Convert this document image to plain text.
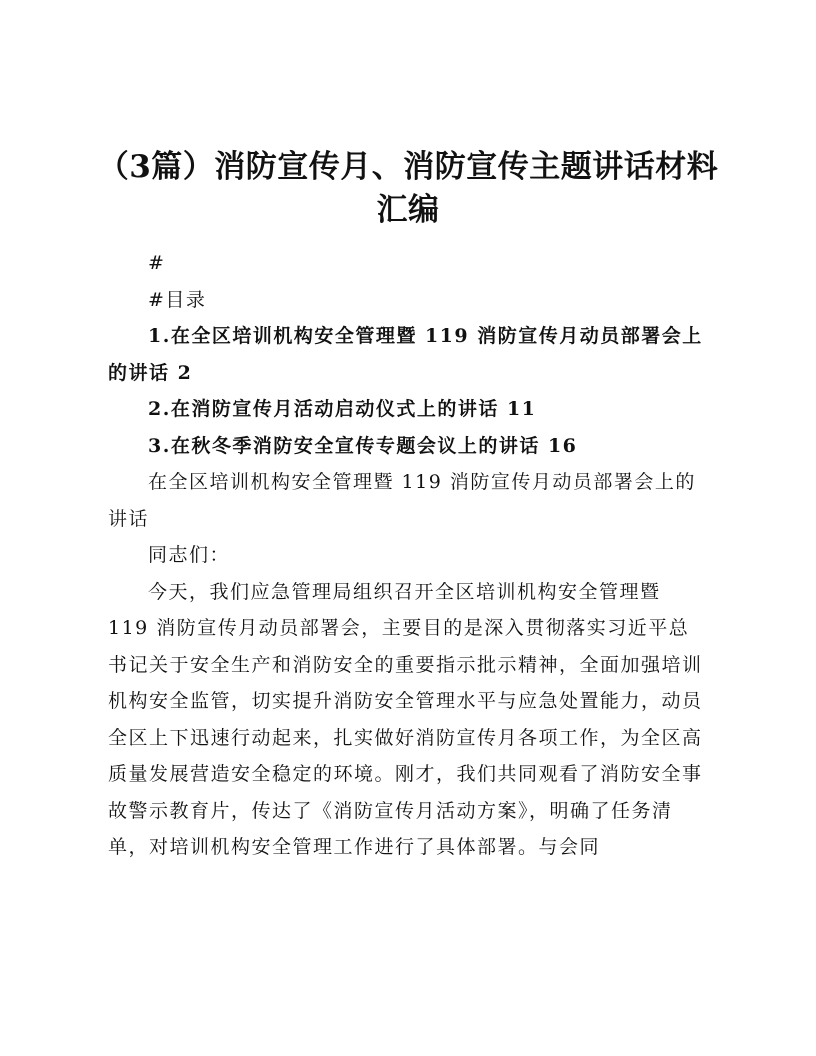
（3篇）消防宣传月、消防宣传主题讲话材料汇编

#

#目录

1.在全区培训机构安全管理暨 119 消防宣传月动员部署会上的讲话 2

2.在消防宣传月活动启动仪式上的讲话 11

3.在秋冬季消防安全宣传专题会议上的讲话 16

在全区培训机构安全管理暨 119 消防宣传月动员部署会上的讲话

同志们：

今天，我们应急管理局组织召开全区培训机构安全管理暨 119 消防宣传月动员部署会，主要目的是深入贯彻落实习近平总书记关于安全生产和消防安全的重要指示批示精神，全面加强培训机构安全监管，切实提升消防安全管理水平与应急处置能力，动员全区上下迅速行动起来，扎实做好消防宣传月各项工作，为全区高质量发展营造安全稳定的环境。刚才，我们共同观看了消防安全事故警示教育片，传达了《消防宣传月活动方案》，明确了任务清单，对培训机构安全管理工作进行了具体部署。与会同
